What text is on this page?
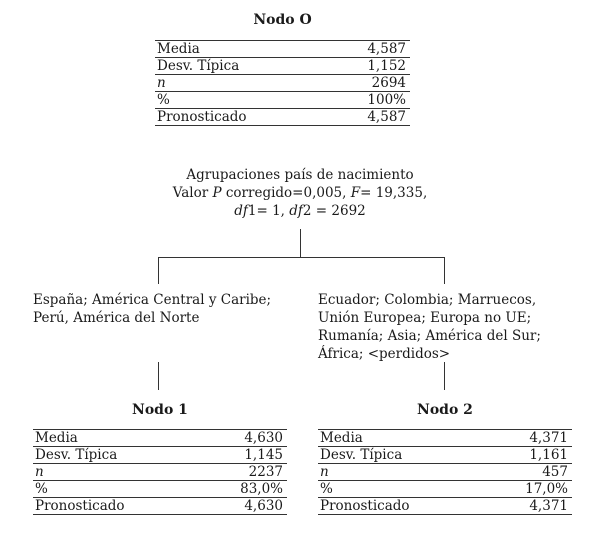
Nodo O
Media	4,587
Desv. Típica	1,152
n	2694
%	100%
Pronosticado	4,587
Agrupaciones país de nacimiento
Valor P corregido=0,005, F= 19,335,
df1= 1, df2 = 2692
España; América Central y Caribe; Perú, América del Norte
Ecuador; Colombia; Marruecos, Unión Europea; Europa no UE; Rumanía; Asia; América del Sur; África; <perdidos>
Nodo 1
Media	4,630
Desv. Típica	1,145
n	2237
%	83,0%
Pronosticado	4,630
Nodo 2
Media	4,371
Desv. Típica	1,161
n	457
%	17,0%
Pronosticado	4,371
